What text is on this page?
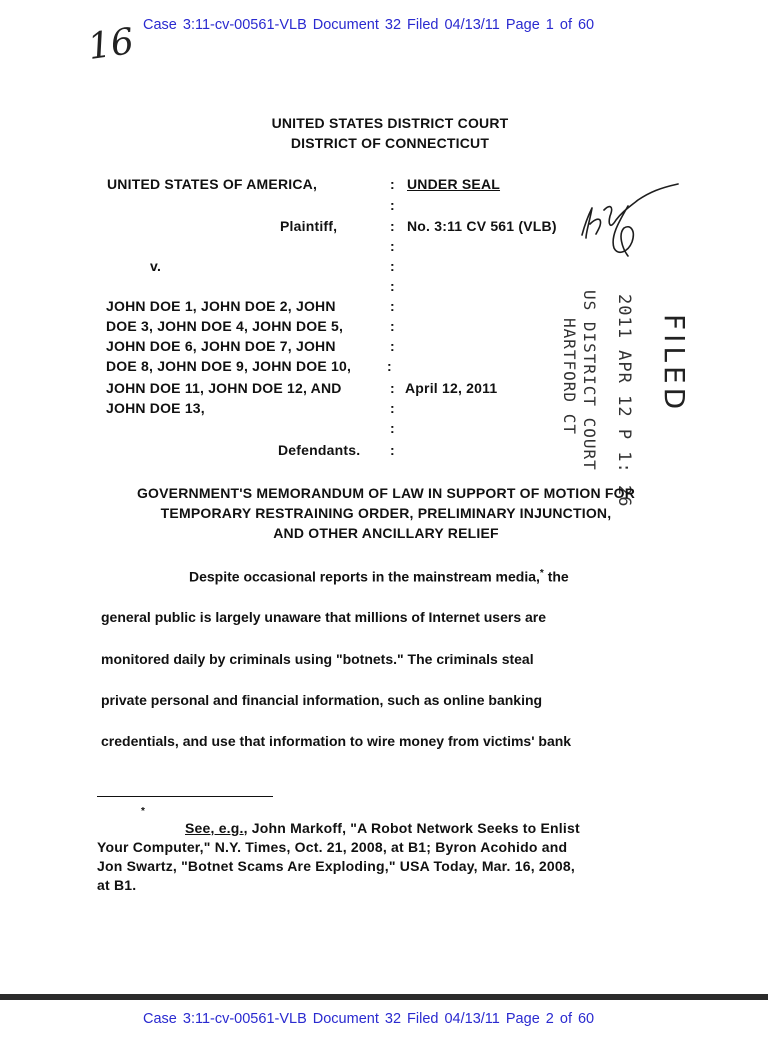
Case 3:11-cv-00561-VLB Document 32 Filed 04/13/11 Page 1 of 60
16
UNITED STATES DISTRICT COURT
DISTRICT OF CONNECTICUT
UNITED STATES OF AMERICA,
Plaintiff,
v.
JOHN DOE 1, JOHN DOE 2, JOHN
DOE 3, JOHN DOE 4, JOHN DOE 5,
JOHN DOE 6, JOHN DOE 7, JOHN
DOE 8, JOHN DOE 9, JOHN DOE 10,
JOHN DOE 11, JOHN DOE 12, AND
JOHN DOE 13,
Defendants.
:
:
:
:
:
:
:
:
:
:
:
:
:
:
UNDER SEAL
No. 3:11 CV 561 (VLB)
April 12, 2011	FILED
2011 APR 12 P 1: 26
US DISTRICT COURT
HARTFORD CT
GOVERNMENT'S MEMORANDUM OF LAW IN SUPPORT OF MOTION FOR
TEMPORARY RESTRAINING ORDER, PRELIMINARY INJUNCTION,
AND OTHER ANCILLARY RELIEF
Despite occasional reports in the mainstream media,* the
general public is largely unaware that millions of Internet users are
monitored daily by criminals using "botnets." The criminals steal
private personal and financial information, such as online banking
credentials, and use that information to wire money from victims' bank
*
See, e.g., John Markoff, "A Robot Network Seeks to Enlist
Your Computer," N.Y. Times, Oct. 21, 2008, at B1; Byron Acohido and
Jon Swartz, "Botnet Scams Are Exploding," USA Today, Mar. 16, 2008,
at B1.
Case 3:11-cv-00561-VLB Document 32 Filed 04/13/11 Page 2 of 60
